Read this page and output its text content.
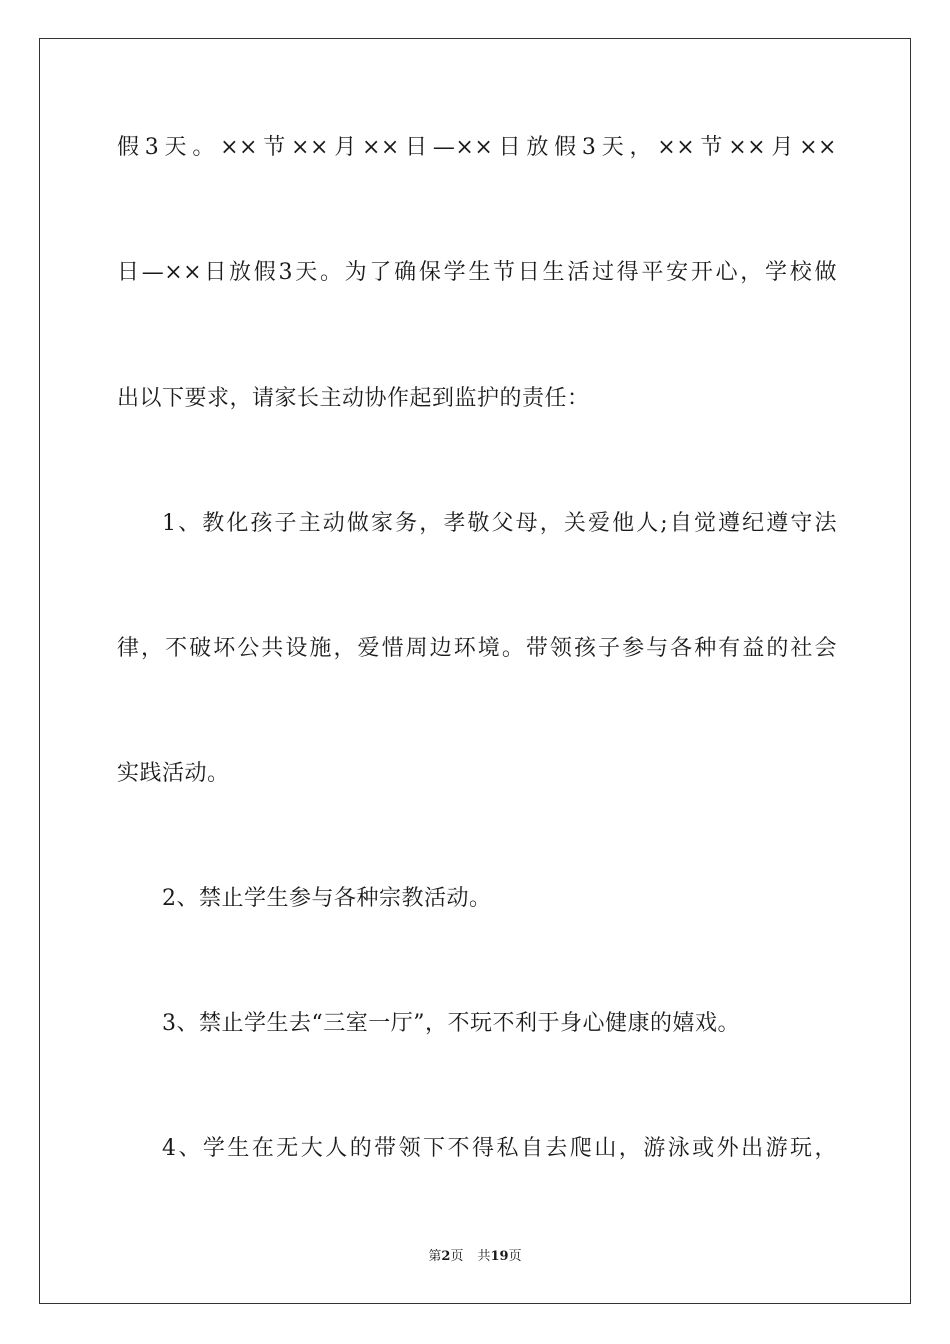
假3天。××节××月××日—××日放假3天，××节××月××
日—××日放假3天。为了确保学生节日生活过得平安开心，学校做
出以下要求，请家长主动协作起到监护的责任：
1、教化孩子主动做家务，孝敬父母，关爱他人;自觉遵纪遵守法
律，不破坏公共设施，爱惜周边环境。带领孩子参与各种有益的社会
实践活动。
2、禁止学生参与各种宗教活动。
3、禁止学生去“三室一厅”，不玩不利于身心健康的嬉戏。
4、学生在无大人的带领下不得私自去爬山，游泳或外出游玩，
第2页 共19页
